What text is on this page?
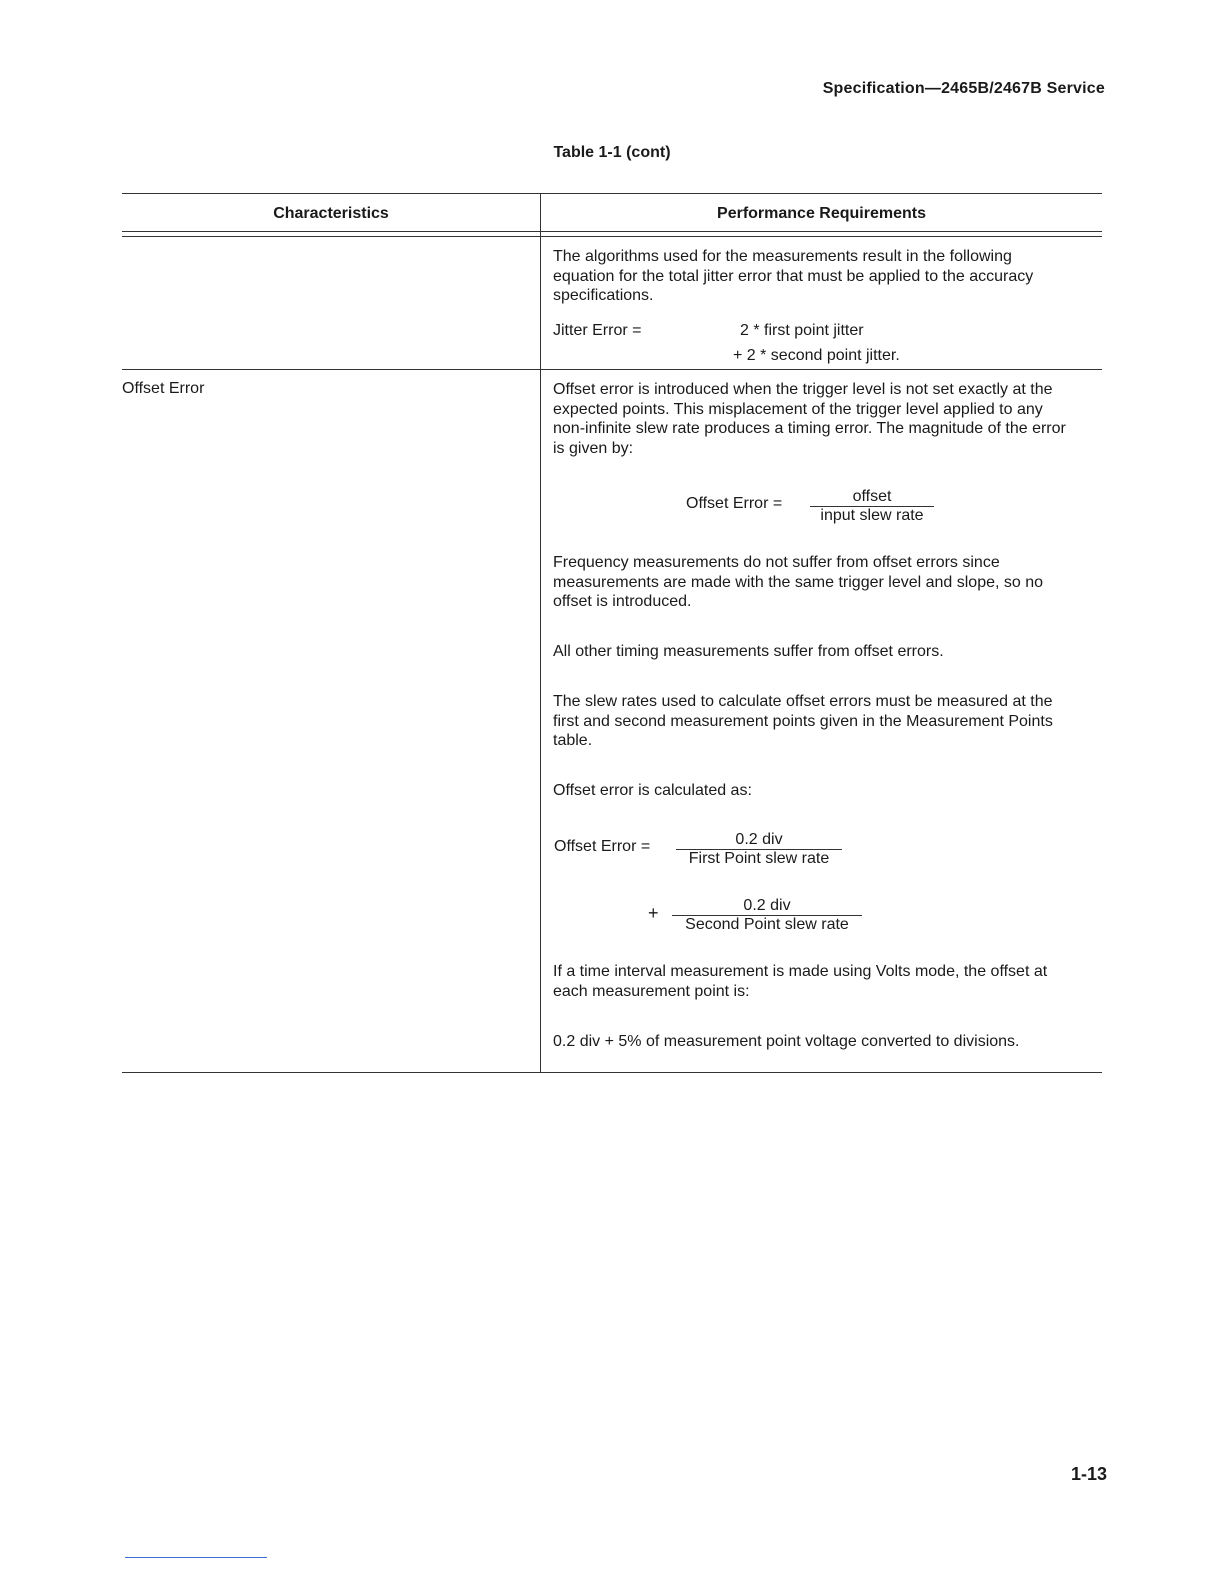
Specification—2465B/2467B Service
Table 1-1 (cont)
Characteristics	Performance Requirements
The algorithms used for the measurements result in the following equation for the total jitter error that must be applied to the accuracy specifications.
Jitter Error =	2 * first point jitter
+ 2 * second point jitter.
Offset Error	Offset error is introduced when the trigger level is not set exactly at the expected points. This misplacement of the trigger level applied to any non-infinite slew rate produces a timing error. The magnitude of the error is given by:
Offset Error =	offset
input slew rate
Frequency measurements do not suffer from offset errors since measurements are made with the same trigger level and slope, so no offset is introduced.
All other timing measurements suffer from offset errors.
The slew rates used to calculate offset errors must be measured at the first and second measurement points given in the Measurement Points table.
Offset error is calculated as:
Offset Error =	0.2 div
First Point slew rate
+	0.2 div
Second Point slew rate
If a time interval measurement is made using Volts mode, the offset at each measurement point is:
0.2 div + 5% of measurement point voltage converted to divisions.
1-13
